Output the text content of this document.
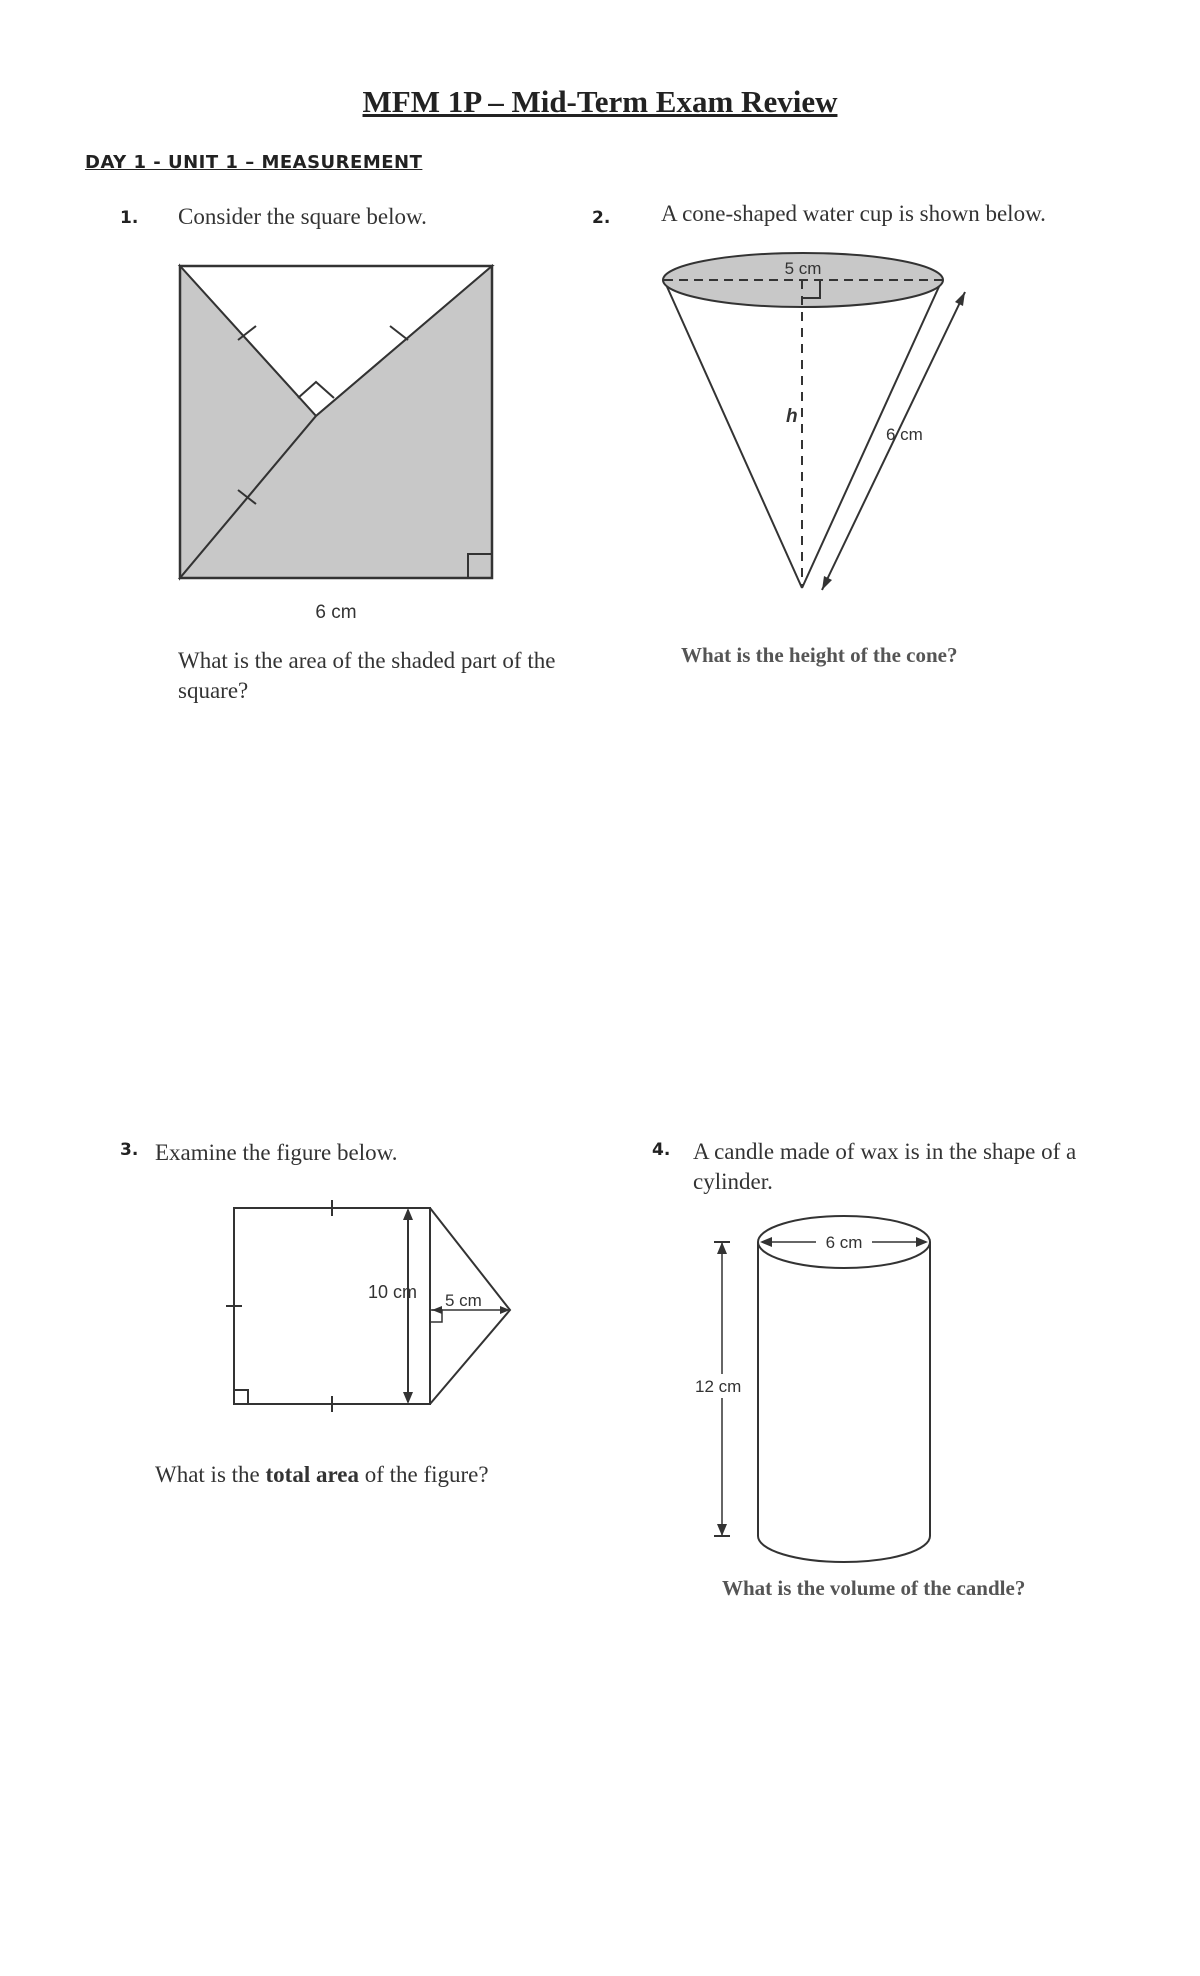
MFM 1P – Mid-Term Exam Review
DAY 1 - UNIT 1 – MEASUREMENT
1. Consider the square below.
6 cm
What is the area of the shaded part of the square?
2. A cone-shaped water cup is shown below.
5 cm
h
6 cm
What is the height of the cone?
3. Examine the figure below.
10 cm 5 cm
What is the total area of the figure?
4. A candle made of wax is in the shape of a cylinder.
6 cm
12 cm
What is the volume of the candle?
